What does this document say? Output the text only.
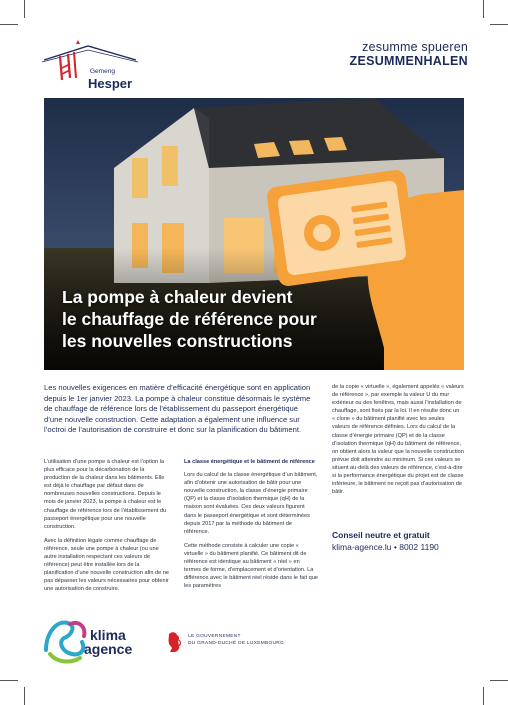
Gemeng
Hesper
zesumme spueren
ZESUMMENHALEN
La pompe à chaleur devient
le chauffage de référence pour
les nouvelles constructions
Les nouvelles exigences en matière d’efficacité énergétique sont en application depuis le 1er janvier 2023. La pompe à chaleur constitue désormais le système de chauffage de référence lors de l’établissement du passeport énergétique d’une nouvelle construction. Cette adaptation a également une influence sur l’octroi de l’autorisation de construire et donc sur la planification du bâtiment.

L’utilisation d’une pompe à chaleur est l’option la plus efficace pour la décarbonation de la production de la chaleur dans les bâtiments. Elle est déjà le chauffage par défaut dans de nombreuses nouvelles constructions. Depuis le mois de janvier 2023, la pompe à chaleur est le chauffage de référence lors de l’établissement du passeport énergétique pour une nouvelle construction.

Avec la définition légale comme chauffage de référence, seule une pompe à chaleur (ou une autre installation respectant ces valeurs de référence) peut être installée lors de la planification d’une nouvelle construction afin de ne pas dépasser les valeurs nécessaires pour obtenir une autorisation de construire.

La classe énergétique et le bâtiment de référence

Lors du calcul de la classe énergétique d’un bâtiment, afin d’obtenir une autorisation de bâtir pour une nouvelle construction, la classe d’énergie primaire (QP) et la classe d’isolation thermique (qH) de la maison sont évaluées. Ces deux valeurs figurent dans le passeport énergétique et sont déterminées depuis 2017 par la méthode du bâtiment de référence.

Cette méthode consiste à calculer une copie « virtuelle » du bâtiment planifié. Ce bâtiment dit de référence est identique au bâtiment « réel » en termes de forme, d’emplacement et d’orientation. La différence avec le bâtiment réel réside dans le fait que les paramètres

de la copie « virtuelle », également appelés « valeurs de référence », par exemple la valeur U du mur extérieur ou des fenêtres, mais aussi l’installation de chauffage, sont fixés par la loi. Il en résulte donc un « clone » du bâtiment planifié avec les seules valeurs de référence définies. Lors du calcul de la classe d’énergie primaire (QP) et de la classe d’isolation thermique (qH) du bâtiment de référence, on obtient alors la valeur que la nouvelle construction prévue doit atteindre au minimum. Si ces valeurs se situent au-delà des valeurs de référence, c’est-à-dire si la performance énergétique du projet est de classe inférieure, le bâtiment ne reçoit pas d’autorisation de bâtir.

Conseil neutre et gratuit
klima-agence.lu • 8002 1190
klima
agence
LE GOUVERNEMENT
DU GRAND-DUCHÉ DE LUXEMBOURG
